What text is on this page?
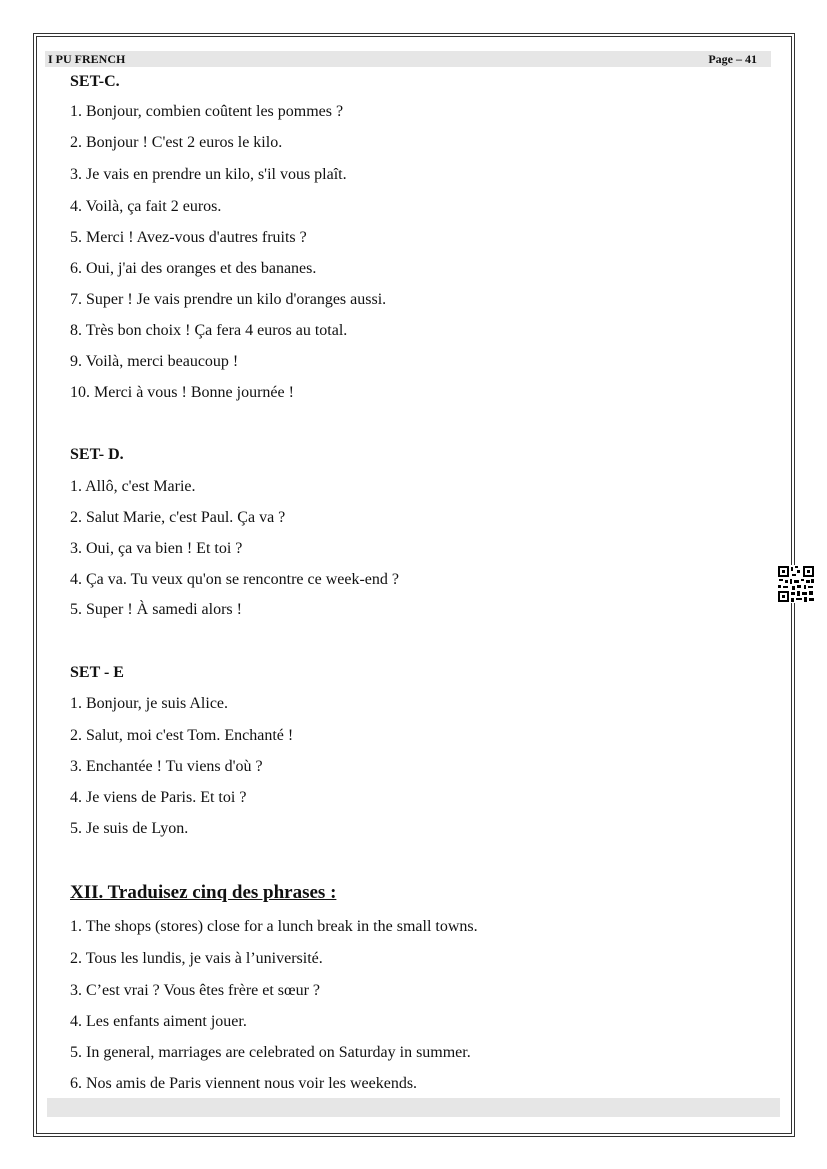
I PU FRENCH	Page – 41
SET-C.
1. Bonjour, combien coûtent les pommes ?
2. Bonjour ! C'est 2 euros le kilo.
3. Je vais en prendre un kilo, s'il vous plaît.
4. Voilà, ça fait 2 euros.
5. Merci ! Avez-vous d'autres fruits ?
6. Oui, j'ai des oranges et des bananes.
7. Super ! Je vais prendre un kilo d'oranges aussi.
8. Très bon choix ! Ça fera 4 euros au total.
9. Voilà, merci beaucoup !
10. Merci à vous ! Bonne journée !
SET- D.
1. Allô, c'est Marie.
2. Salut Marie, c'est Paul. Ça va ?
3. Oui, ça va bien ! Et toi ?
4. Ça va. Tu veux qu'on se rencontre ce week-end ?
5. Super ! À samedi alors !
SET - E
1. Bonjour, je suis Alice.
2. Salut, moi c'est Tom. Enchanté !
3. Enchantée ! Tu viens d'où ?
4. Je viens de Paris. Et toi ?
5. Je suis de Lyon.
XII. Traduisez cinq des phrases :
1. The shops (stores) close for a lunch break in the small towns.
2. Tous les lundis, je vais à l’université.
3. C’est vrai ? Vous êtes frère et sœur ?
4. Les enfants aiment jouer.
5. In general, marriages are celebrated on Saturday in summer.
6. Nos amis de Paris viennent nous voir les weekends.
